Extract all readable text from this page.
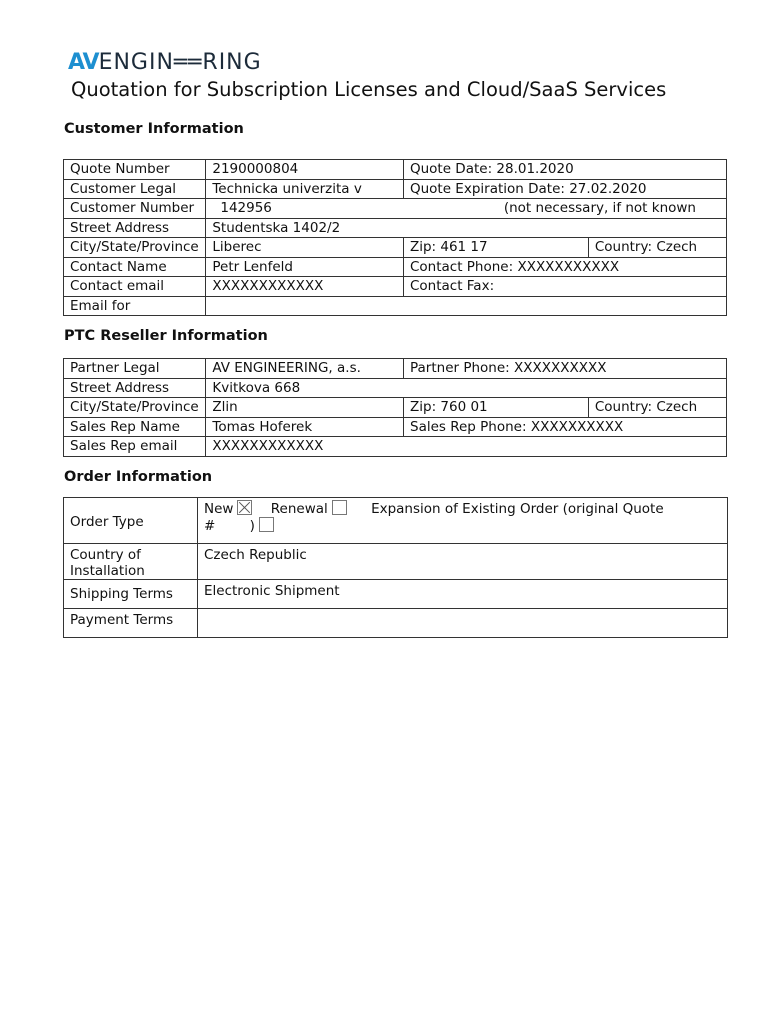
AV ENGIN══RING
Quotation for Subscription Licenses and Cloud/SaaS Services
Customer Information
Quote Number	2190000804	Quote Date: 28.01.2020	
Customer Legal	Technicka univerzita v	Quote Expiration Date: 27.02.2020	
Customer Number	142956	(not necessary, if not known	
Street Address	Studentska 1402/2		
City/State/Province	Liberec	Zip: 461 17	Country: Czech
Contact Name	Petr Lenfeld	Contact Phone: XXXXXXXXXXX	
Contact email	XXXXXXXXXXXX	Contact Fax:	
Email for			
PTC Reseller Information
Partner Legal	AV ENGINEERING, a.s.	Partner Phone: XXXXXXXXXX	
Street Address	Kvitkova 668		
City/State/Province	Zlin	Zip: 760 01	Country: Czech
Sales Rep Name	Tomas Hoferek	Sales Rep Phone: XXXXXXXXXX	
Sales Rep email	XXXXXXXXXXXX		
Order Information
Order Type	New Renewal Expansion of Existing Order (original Quote
# )

Country of Installation	Czech Republic
Shipping Terms	Electronic Shipment
Payment Terms	
